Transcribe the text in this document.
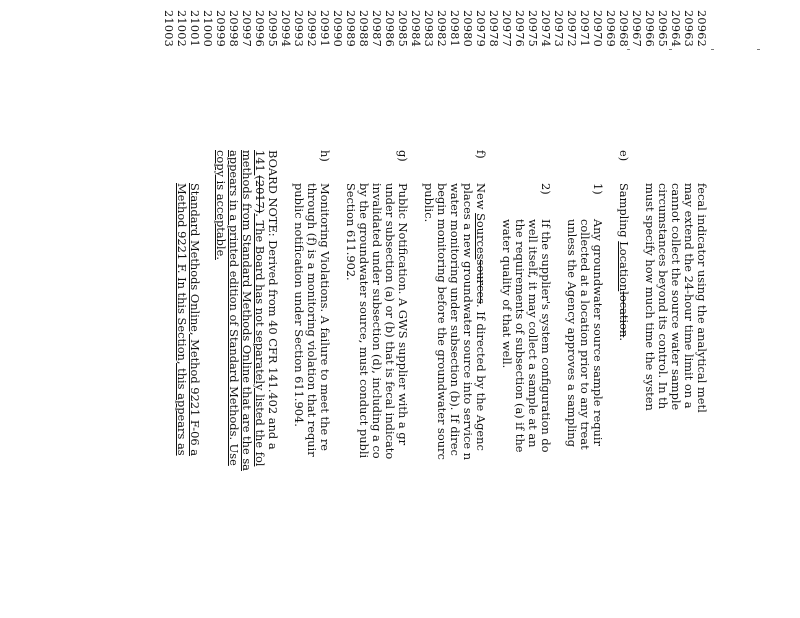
20962
20963
20964
20965
20966
20967
20968
20969
20970
20971
20972
20973
20974
20975
20976
20977
20978
20979
20980
20981
20982
20983
20984
20985
20986
20987
20988
20989
20990
20991
20992
20993
20994
20995
20996
20997
20998
20999
21000
21001
21002
21003
fecal indicator using the analytical metl
may extend the 24-hour time limit on a
cannot collect the source water sample
circumstances beyond its control. In th
must specify how much time the systen
e)
Sampling Locationlocation.
1)
Any groundwater source sample requir
collected at a location prior to any treat
unless the Agency approves a sampling
2)
If the supplier's system configuration do
well itself, it may collect a sample at an
the requirements of subsection (a) if the
water quality of that well.
f)
New Sourcessources. If directed by the Agenc
places a new groundwater source into service n
water monitoring under subsection (b). If direc
begin monitoring before the groundwater sourc
public.
g)
Public Notification. A GWS supplier with a gr
under subsection (a) or (b) that is fecal indicato
invalidated under subsection (d), including a co
by the groundwater source, must conduct publi
Section 611.902.
h)
Monitoring Violations. A failure to meet the re
through (f) is a monitoring violation that requir
public notification under Section 611.904.
BOARD NOTE: Derived from 40 CFR 141.402 and a
141 (2017). The Board has not separately listed the fol
methods from Standard Methods Online that are the sa
appears in a printed edition of Standard Methods. Use
copy is acceptable.
Standard Methods Online, Method 9221 F-06 a
Method 9221 F. In this Section, this appears as
